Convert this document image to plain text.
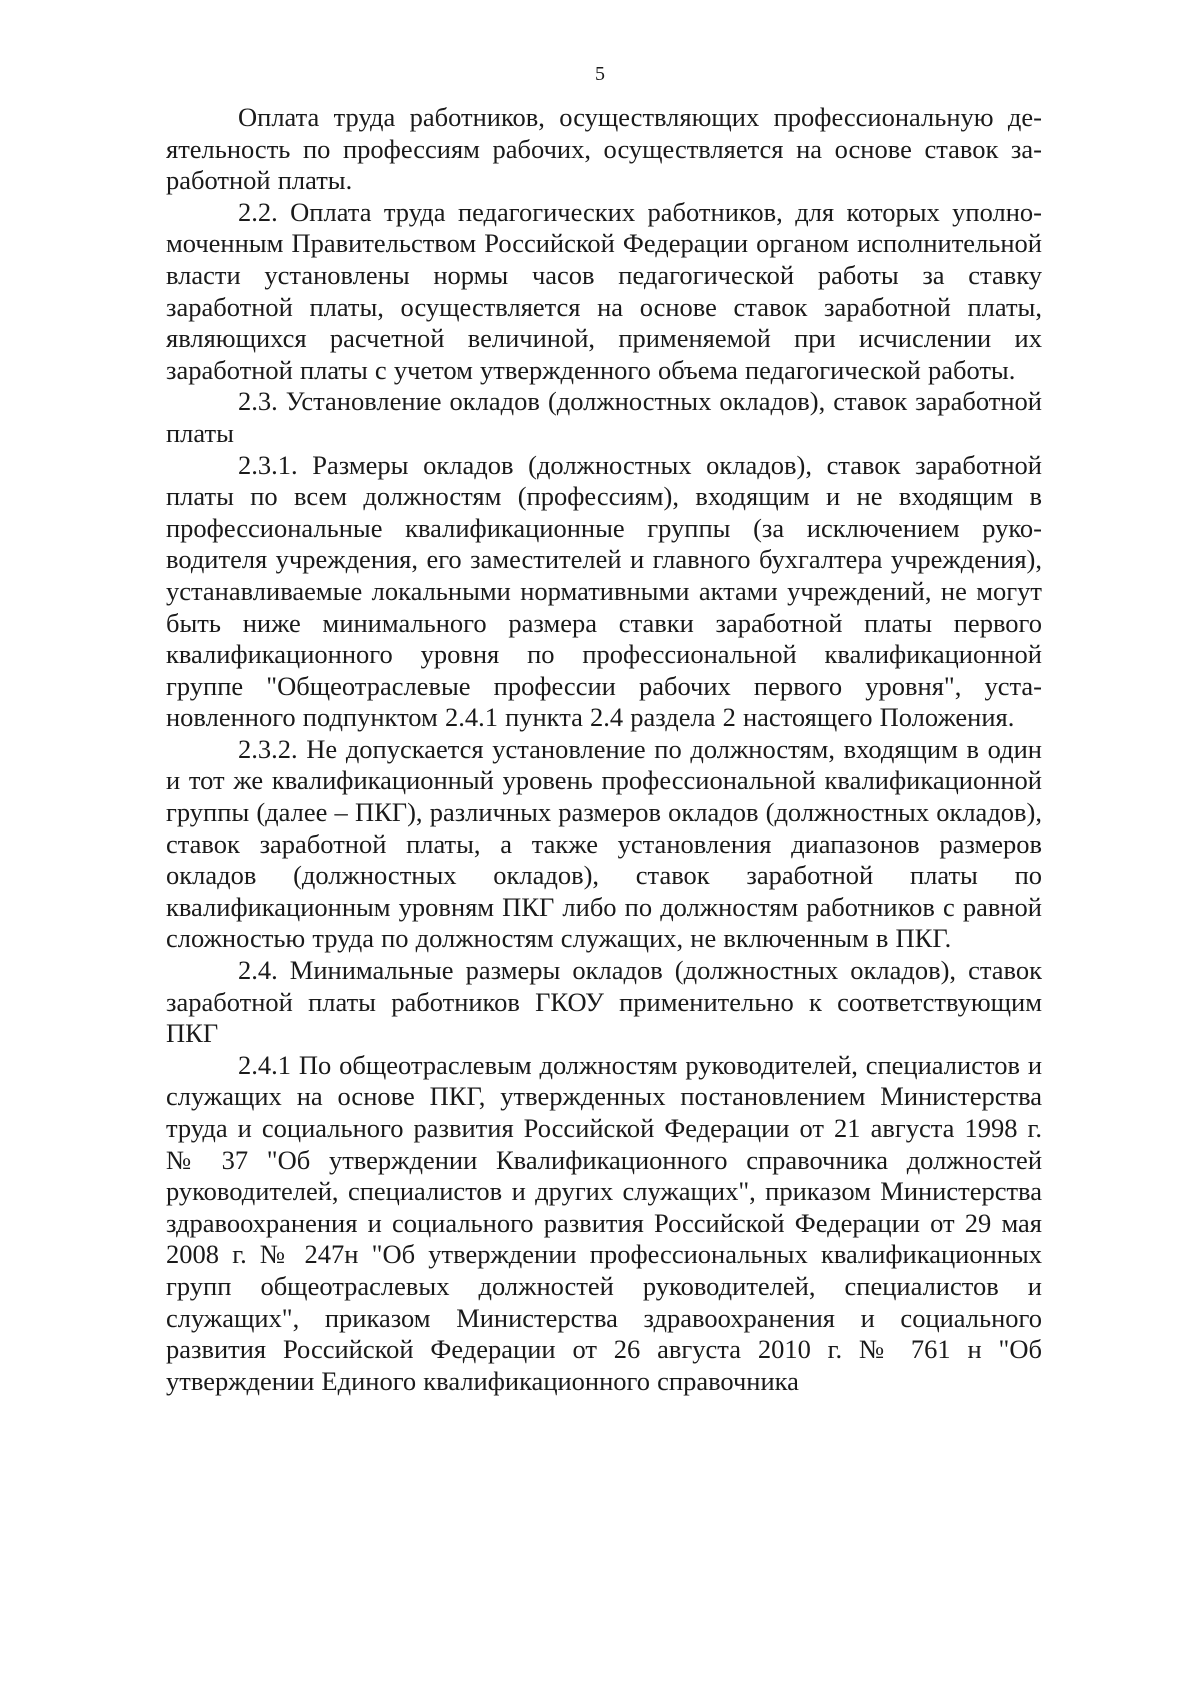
5

Оплата труда работников, осуществляющих профессиональную деятельность по профессиям рабочих, осуществляется на основе ставок заработной платы.

2.2. Оплата труда педагогических работников, для которых уполномоченным Правительством Российской Федерации органом исполнительной власти установлены нормы часов педагогической работы за ставку заработной платы, осуществляется на основе ставок заработной платы, являющихся расчетной величиной, применяемой при исчислении их заработной платы с учетом утвержденного объема педагогической работы.

2.3. Установление окладов (должностных окладов), ставок заработной платы

2.3.1. Размеры окладов (должностных окладов), ставок заработной платы по всем должностям (профессиям), входящим и не входящим в профессиональные квалификационные группы (за исключением руководителя учреждения, его заместителей и главного бухгалтера учреждения), устанавливаемые локальными нормативными актами учреждений, не могут быть ниже минимального размера ставки заработной платы первого квалификационного уровня по профессиональной квалификационной группе "Общеотраслевые профессии рабочих первого уровня", установленного подпунктом 2.4.1 пункта 2.4 раздела 2 настоящего Положения.

2.3.2. Не допускается установление по должностям, входящим в один и тот же квалификационный уровень профессиональной квалификационной группы (далее – ПКГ), различных размеров окладов (должностных окладов), ставок заработной платы, а также установления диапазонов размеров окладов (должностных окладов), ставок заработной платы по квалификационным уровням ПКГ либо по должностям работников с равной сложностью труда по должностям служащих, не включенным в ПКГ.

2.4. Минимальные размеры окладов (должностных окладов), ставок заработной платы работников ГКОУ применительно к соответствующим ПКГ

2.4.1 По общеотраслевым должностям руководителей, специалистов и служащих на основе ПКГ, утвержденных постановлением Министерства труда и социального развития Российской Федерации от 21 августа 1998 г. № 37 "Об утверждении Квалификационного справочника должностей руководителей, специалистов и других служащих", приказом Министерства здравоохранения и социального развития Российской Федерации от 29 мая 2008 г. № 247н "Об утверждении профессиональных квалификационных групп общеотраслевых должностей руководителей, специалистов и служащих", приказом Министерства здравоохранения и социального развития Российской Федерации от 26 августа 2010 г. № 761 н "Об утверждении Единого квалификационного справочника
